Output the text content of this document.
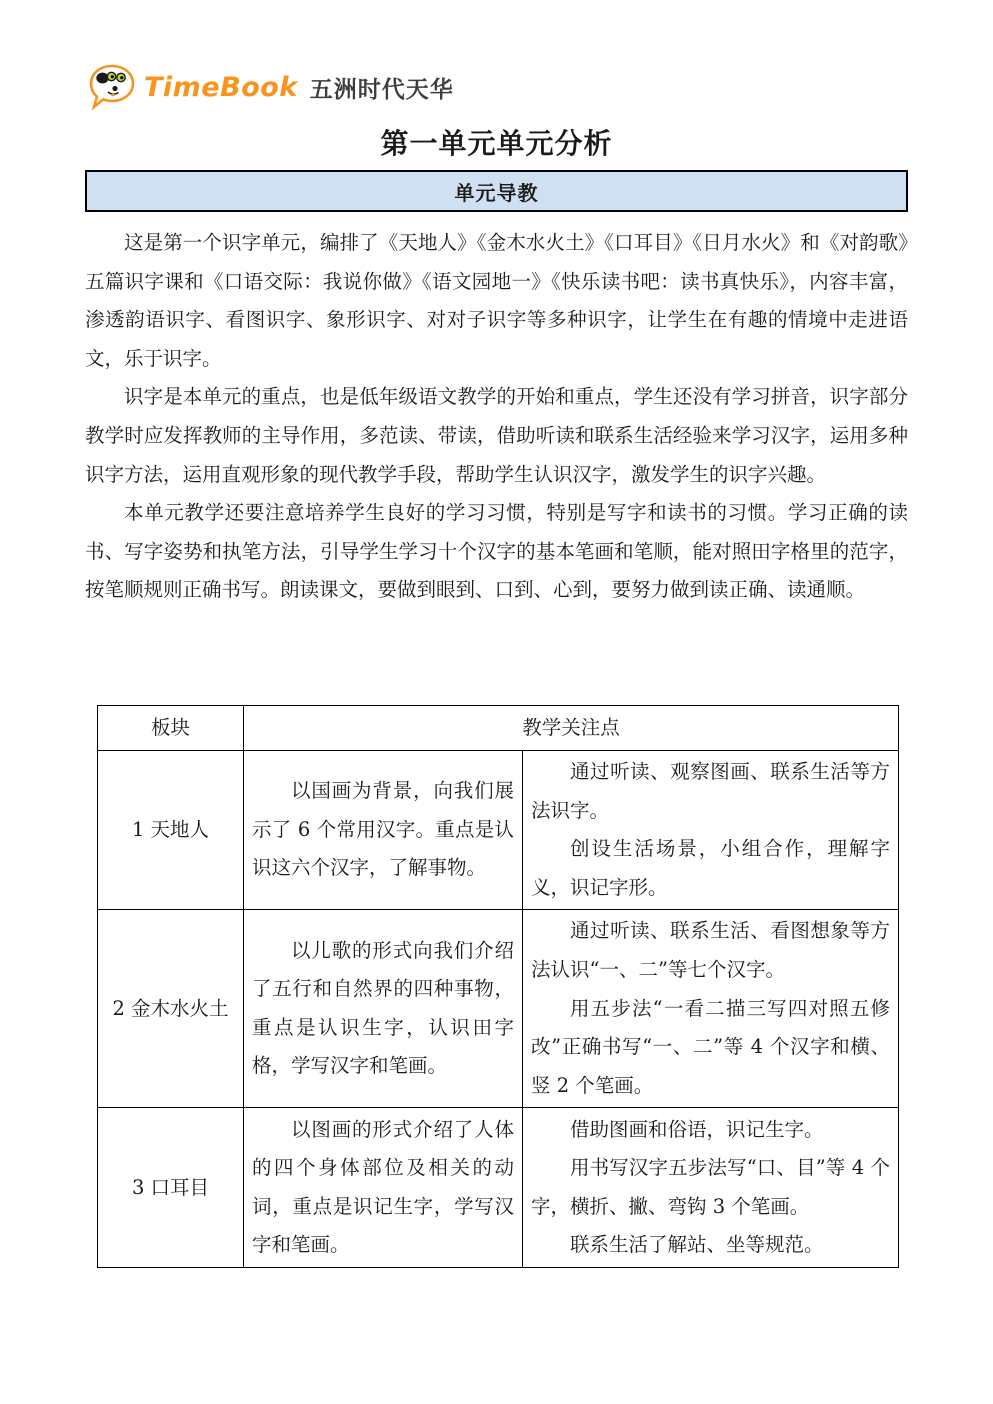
TimeBook 五洲时代天华
第一单元单元分析
单元导教

这是第一个识字单元，编排了《天地人》《金木水火土》《口耳目》《日月水火》和《对韵歌》五篇识字课和《口语交际：我说你做》《语文园地一》《快乐读书吧：读书真快乐》，内容丰富，渗透韵语识字、看图识字、象形识字、对对子识字等多种识字，让学生在有趣的情境中走进语文，乐于识字。

识字是本单元的重点，也是低年级语文教学的开始和重点，学生还没有学习拼音，识字部分教学时应发挥教师的主导作用，多范读、带读，借助听读和联系生活经验来学习汉字，运用多种识字方法，运用直观形象的现代教学手段，帮助学生认识汉字，激发学生的识字兴趣。

本单元教学还要注意培养学生良好的学习习惯，特别是写字和读书的习惯。学习正确的读书、写字姿势和执笔方法，引导学生学习十个汉字的基本笔画和笔顺，能对照田字格里的范字，按笔顺规则正确书写。朗读课文，要做到眼到、口到、心到，要努力做到读正确、读通顺。

板块	教学关注点	
1 天地人	以国画为背景，向我们展示了 6 个常用汉字。重点是认识这六个汉字，了解事物。	通过听读、观察图画、联系生活等方法识字。

创设生活场景，小组合作，理解字义，识记字形。

2 金木水火土	以儿歌的形式向我们介绍了五行和自然界的四种事物，重点是认识生字，认识田字格，学写汉字和笔画。	通过听读、联系生活、看图想象等方法认识“一、二”等七个汉字。

用五步法“一看二描三写四对照五修改”正确书写“一、二”等 4 个汉字和横、竖 2 个笔画。

3 口耳目	以图画的形式介绍了人体的四个身体部位及相关的动词，重点是识记生字，学写汉字和笔画。	借助图画和俗语，识记生字。

用书写汉字五步法写“口、目”等 4 个字，横折、撇、弯钩 3 个笔画。

联系生活了解站、坐等规范。
